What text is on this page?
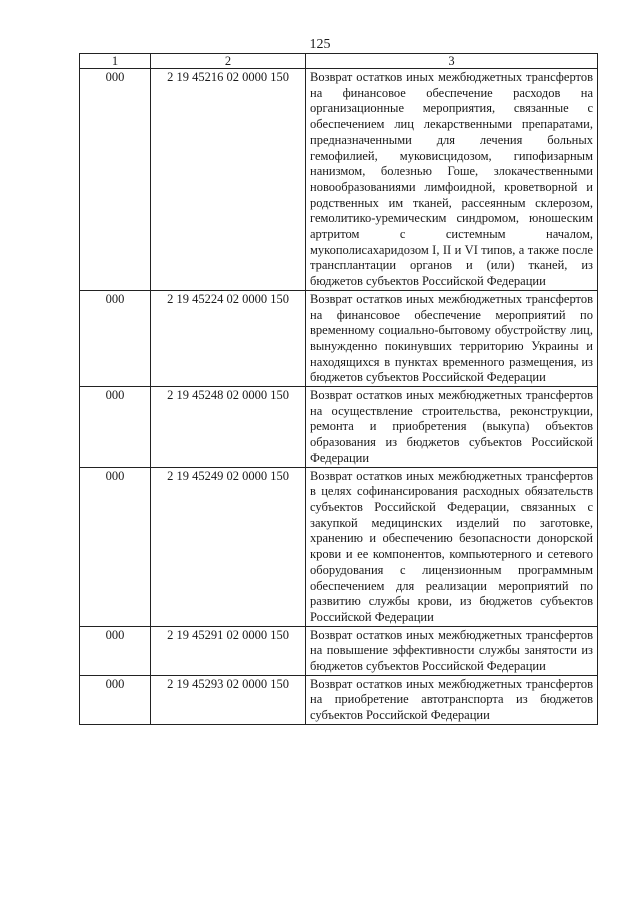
125
1	2	3
000	2 19 45216 02 0000 150	Возврат остатков иных межбюджетных трансфертов на финансовое обеспечение расходов на организационные мероприятия, связанные с обеспечением лиц лекарственными препаратами, предназначенными для лечения больных гемофилией, муковисцидозом, гипофизарным нанизмом, болезнью Гоше, злокачественными новообразованиями лимфоидной, кроветворной и родственных им тканей, рассеянным склерозом, гемолитико-уремическим синдромом, юношеским артритом с системным началом, мукополисахаридозом I, II и VI типов, а также после трансплантации органов и (или) тканей, из бюджетов субъектов Российской Федерации
000	2 19 45224 02 0000 150	Возврат остатков иных межбюджетных трансфертов на финансовое обеспечение мероприятий по временному социально-бытовому обустройству лиц, вынужденно покинувших территорию Украины и находящихся в пунктах временного размещения, из бюджетов субъектов Российской Федерации
000	2 19 45248 02 0000 150	Возврат остатков иных межбюджетных трансфертов на осуществление строительства, реконструкции, ремонта и приобретения (выкупа) объектов образования из бюджетов субъектов Российской Федерации
000	2 19 45249 02 0000 150	Возврат остатков иных межбюджетных трансфертов в целях софинансирования расходных обязательств субъектов Российской Федерации, связанных с закупкой медицинских изделий по заготовке, хранению и обеспечению безопасности донорской крови и ее компонентов, компьютерного и сетевого оборудования с лицензионным программным обеспечением для реализации мероприятий по развитию службы крови, из бюджетов субъектов Российской Федерации
000	2 19 45291 02 0000 150	Возврат остатков иных межбюджетных трансфертов на повышение эффективности службы занятости из бюджетов субъектов Российской Федерации
000	2 19 45293 02 0000 150	Возврат остатков иных межбюджетных трансфертов на приобретение автотранспорта из бюджетов субъектов Российской Федерации
